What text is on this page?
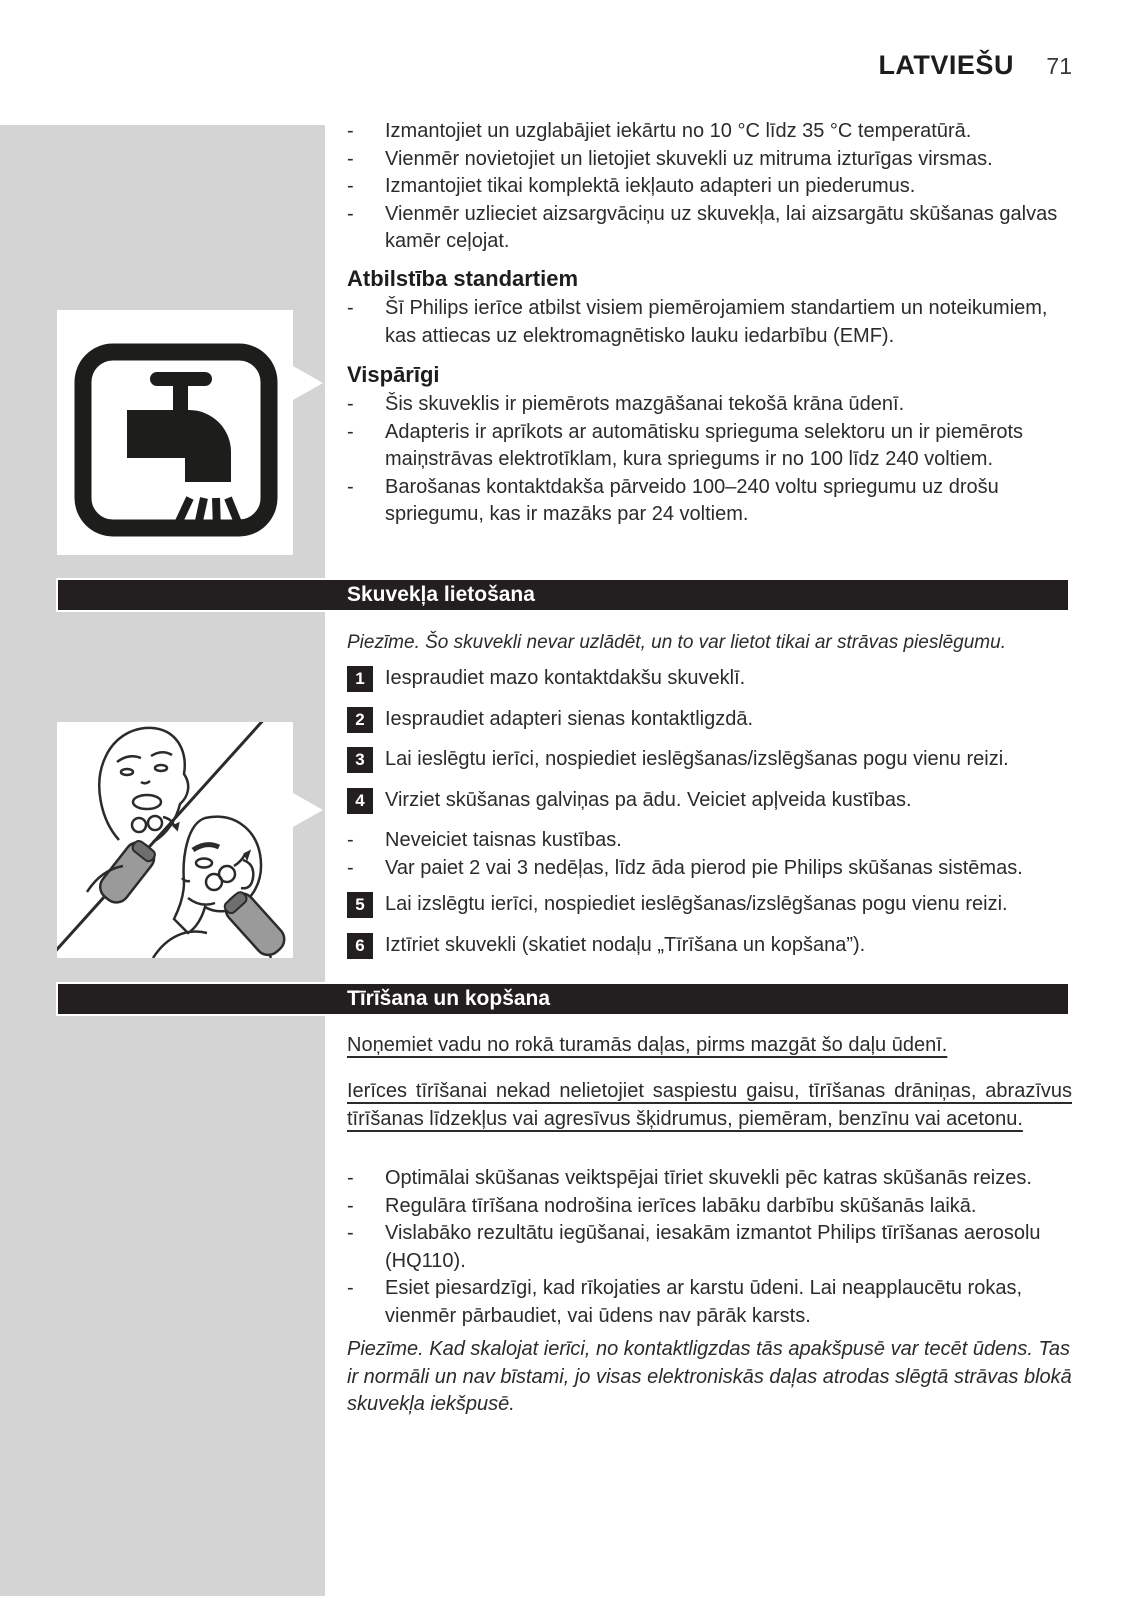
LATVIEŠU 71
- Izmantojiet un uzglabājiet iekārtu no 10 °C līdz 35 °C temperatūrā.
- Vienmēr novietojiet un lietojiet skuvekli uz mitruma izturīgas virsmas.
- Izmantojiet tikai komplektā iekļauto adapteri un piederumus.
- Vienmēr uzlieciet aizsargvāciņu uz skuvekļa, lai aizsargātu skūšanas galvas kamēr ceļojat.
Atbilstība standartiem
- Šī Philips ierīce atbilst visiem piemērojamiem standartiem un noteikumiem, kas attiecas uz elektromagnētisko lauku iedarbību (EMF).
Vispārīgi
- Šis skuveklis ir piemērots mazgāšanai tekošā krāna ūdenī.
- Adapteris ir aprīkots ar automātisku sprieguma selektoru un ir piemērots maiņstrāvas elektrotīklam, kura spriegums ir no 100 līdz 240 voltiem.
- Barošanas kontaktdakša pārveido 100–240 voltu spriegumu uz drošu spriegumu, kas ir mazāks par 24 voltiem.
Skuvekļa lietošana
Piezīme. Šo skuvekli nevar uzlādēt, un to var lietot tikai ar strāvas pieslēgumu.
1	Iespraudiet mazo kontaktdakšu skuveklī.
2	Iespraudiet adapteri sienas kontaktligzdā.
3	Lai ieslēgtu ierīci, nospiediet ieslēgšanas/izslēgšanas pogu vienu reizi.
4	Virziet skūšanas galviņas pa ādu. Veiciet apļveida kustības.
- Neveiciet taisnas kustības.
- Var paiet 2 vai 3 nedēļas, līdz āda pierod pie Philips skūšanas sistēmas.
5	Lai izslēgtu ierīci, nospiediet ieslēgšanas/izslēgšanas pogu vienu reizi.
6	Iztīriet skuvekli (skatiet nodaļu „Tīrīšana un kopšana”).
Tīrīšana un kopšana
Noņemiet vadu no rokā turamās daļas, pirms mazgāt šo daļu ūdenī.
Ierīces tīrīšanai nekad nelietojiet saspiestu gaisu, tīrīšanas drāniņas, abrazīvus tīrīšanas līdzekļus vai agresīvus šķidrumus, piemēram, benzīnu vai acetonu.
- Optimālai skūšanas veiktspējai tīriet skuvekli pēc katras skūšanās reizes.
- Regulāra tīrīšana nodrošina ierīces labāku darbību skūšanās laikā.
- Vislabāko rezultātu iegūšanai, iesakām izmantot Philips tīrīšanas aerosolu (HQ110).
- Esiet piesardzīgi, kad rīkojaties ar karstu ūdeni. Lai neapplaucētu rokas, vienmēr pārbaudiet, vai ūdens nav pārāk karsts.
Piezīme. Kad skalojat ierīci, no kontaktligzdas tās apakšpusē var tecēt ūdens. Tas ir normāli un nav bīstami, jo visas elektroniskās daļas atrodas slēgtā strāvas blokā skuvekļa iekšpusē.
